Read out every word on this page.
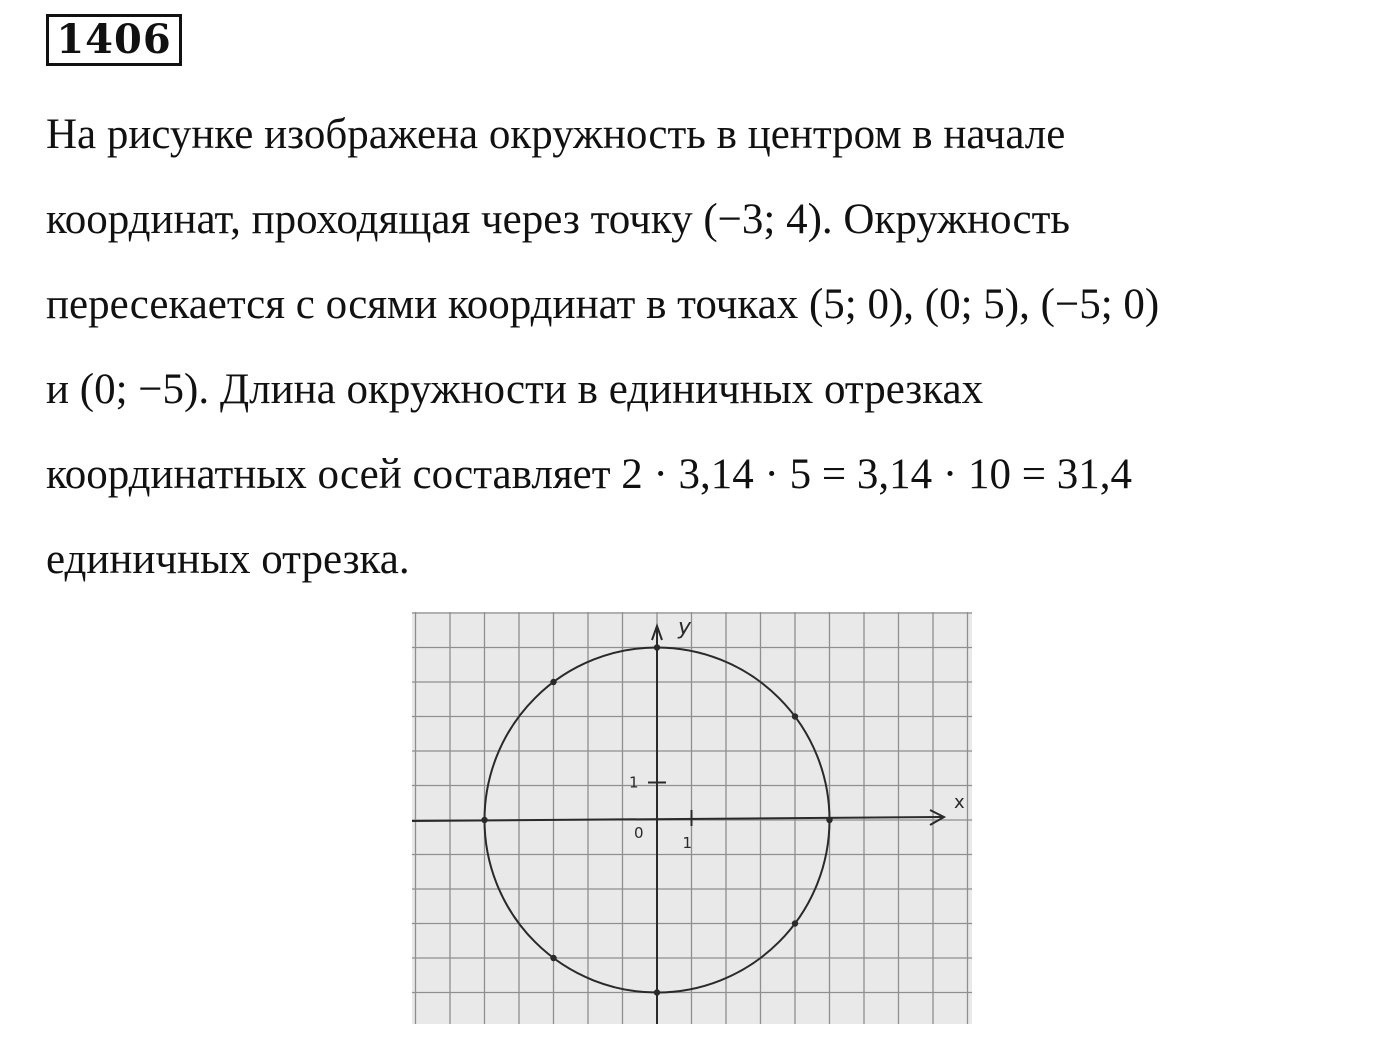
1406

На рисунке изображена окружность в центром в начале
координат, проходящая через точку (−3; 4). Окружность
пересекается с осями координат в точках (5; 0), (0; 5), (−5; 0)
и (0; −5). Длина окружности в единичных отрезках
координатных осей составляет 2 · 3,14 · 5 = 3,14 · 10 = 31,4
единичных отрезка.

x
y
0
1
1
